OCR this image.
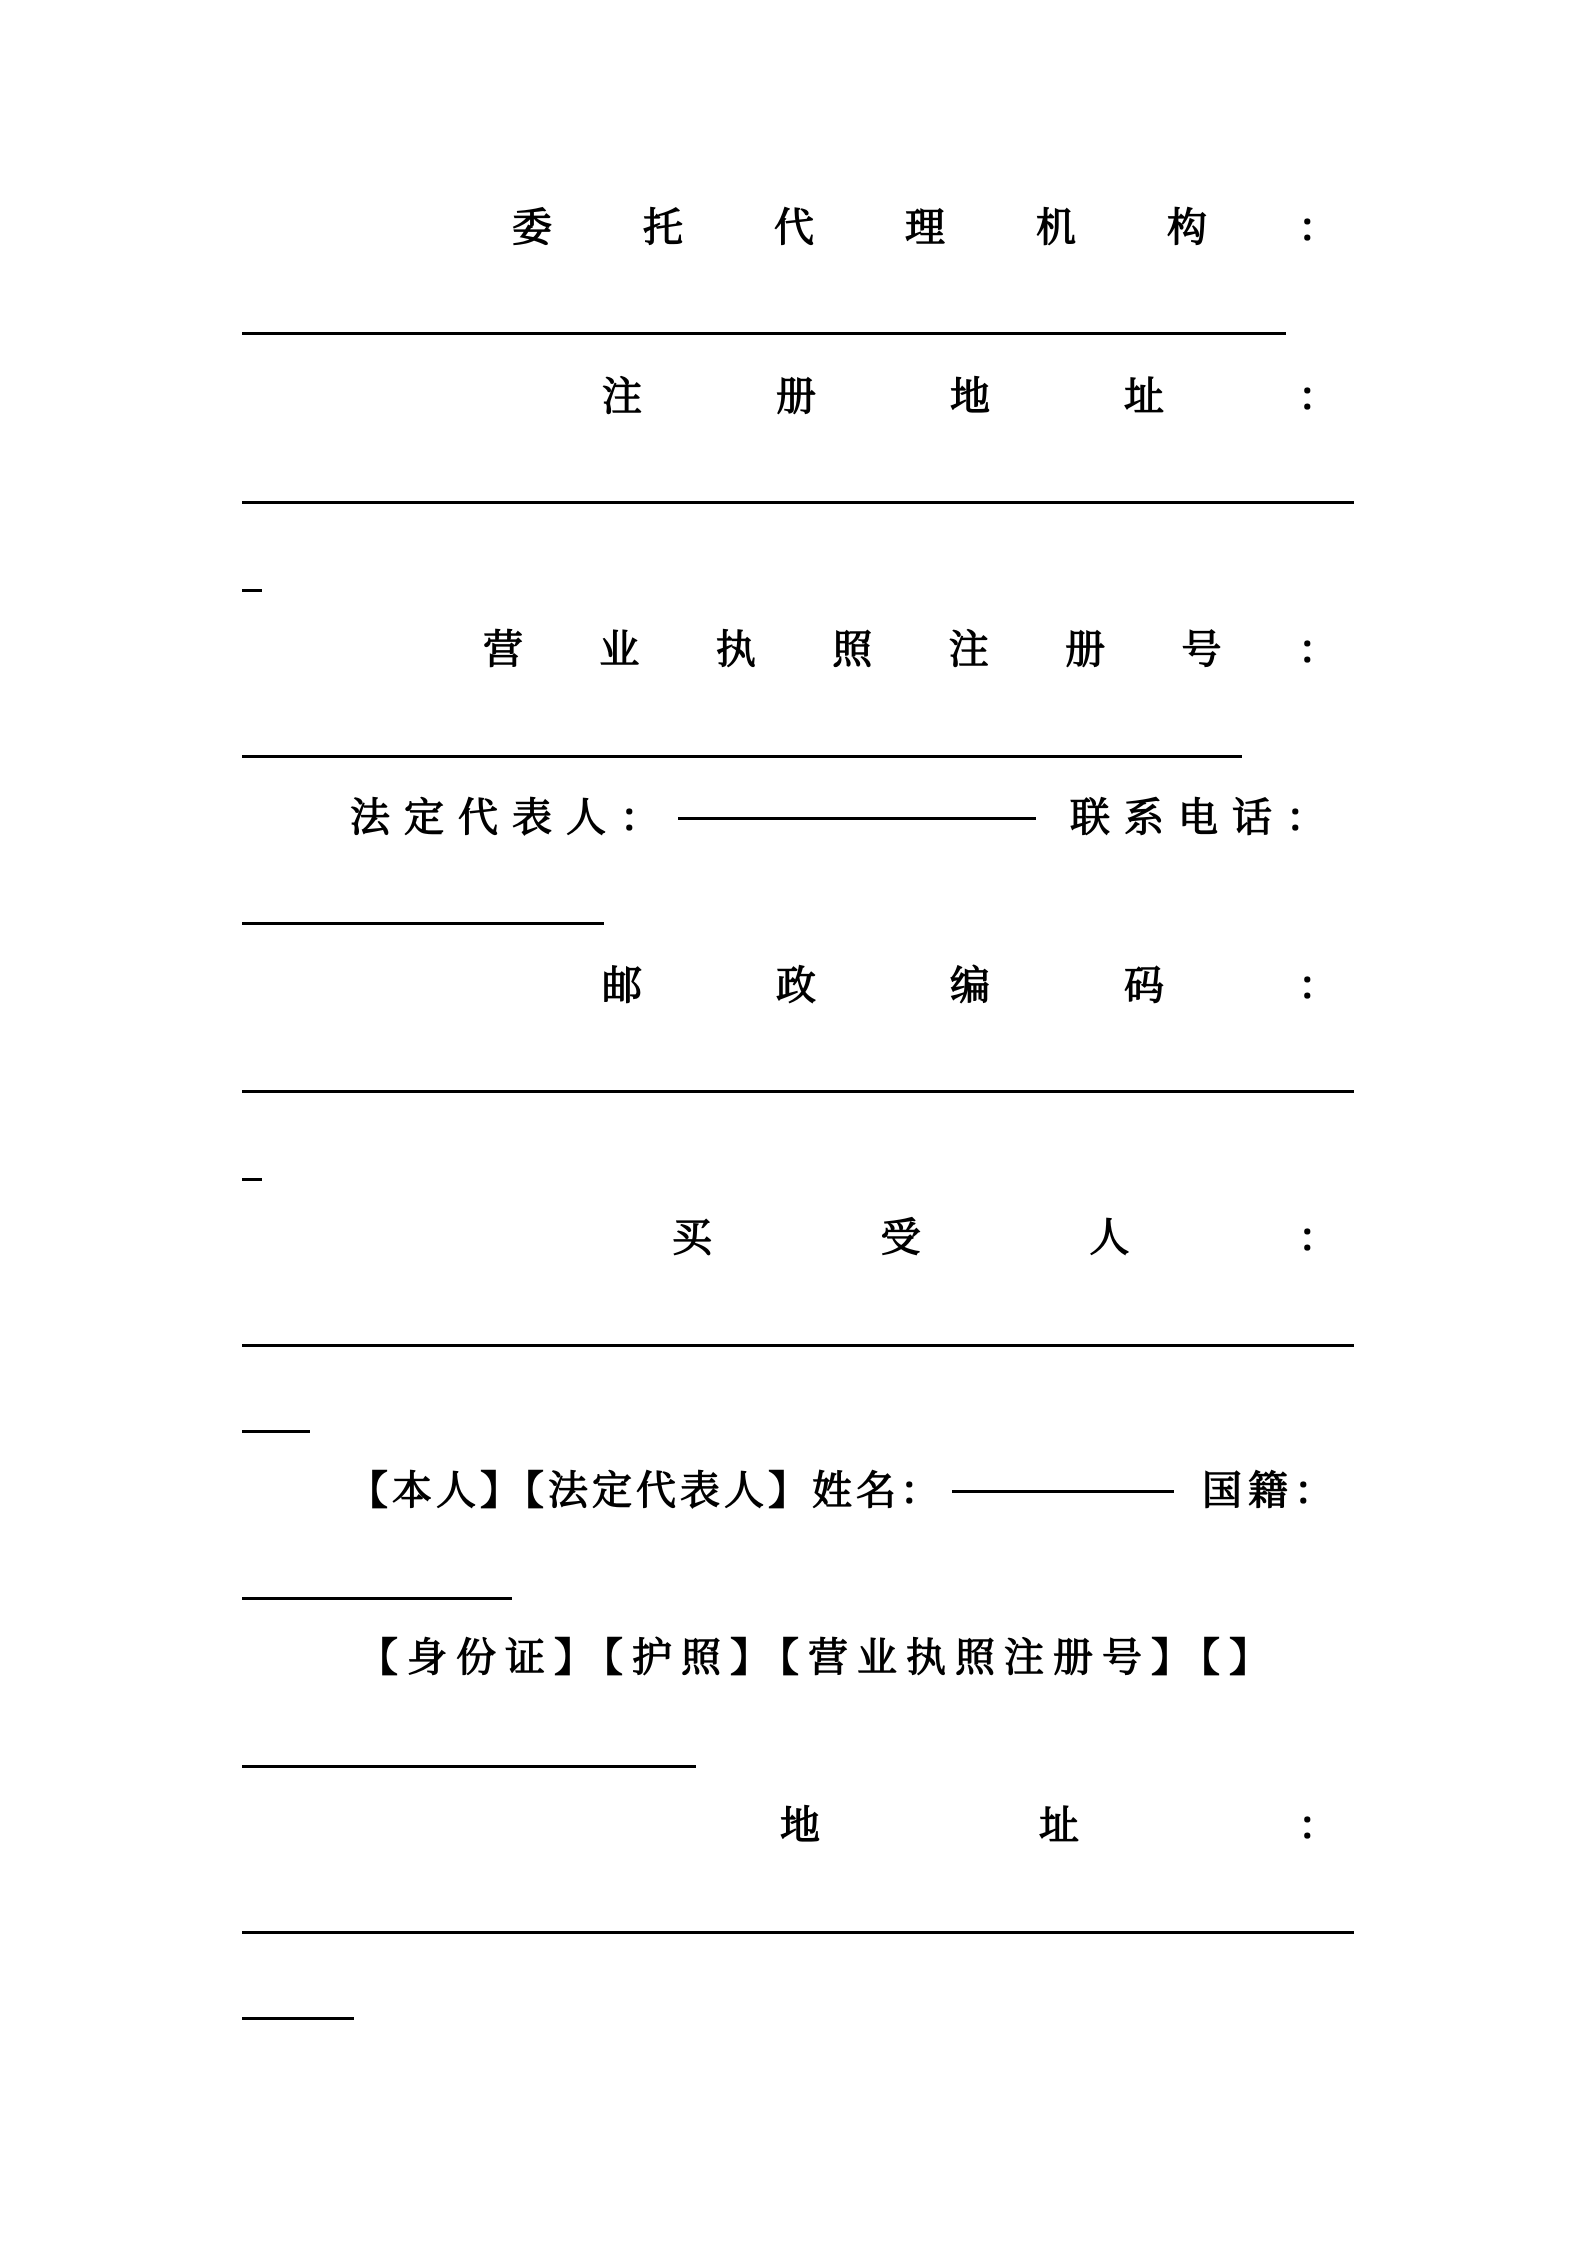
委 托 代 理 机 构 ：
注	册	地	址	：
营 业 执 照 注 册 号 ：
法定代表人：	联系电话：
邮	政	编	码	：
买	受	人	：
【本人】【法定代表人】姓名：	国籍：
【身份证】【护照】【营业执照注册号】【】
地	址	：
